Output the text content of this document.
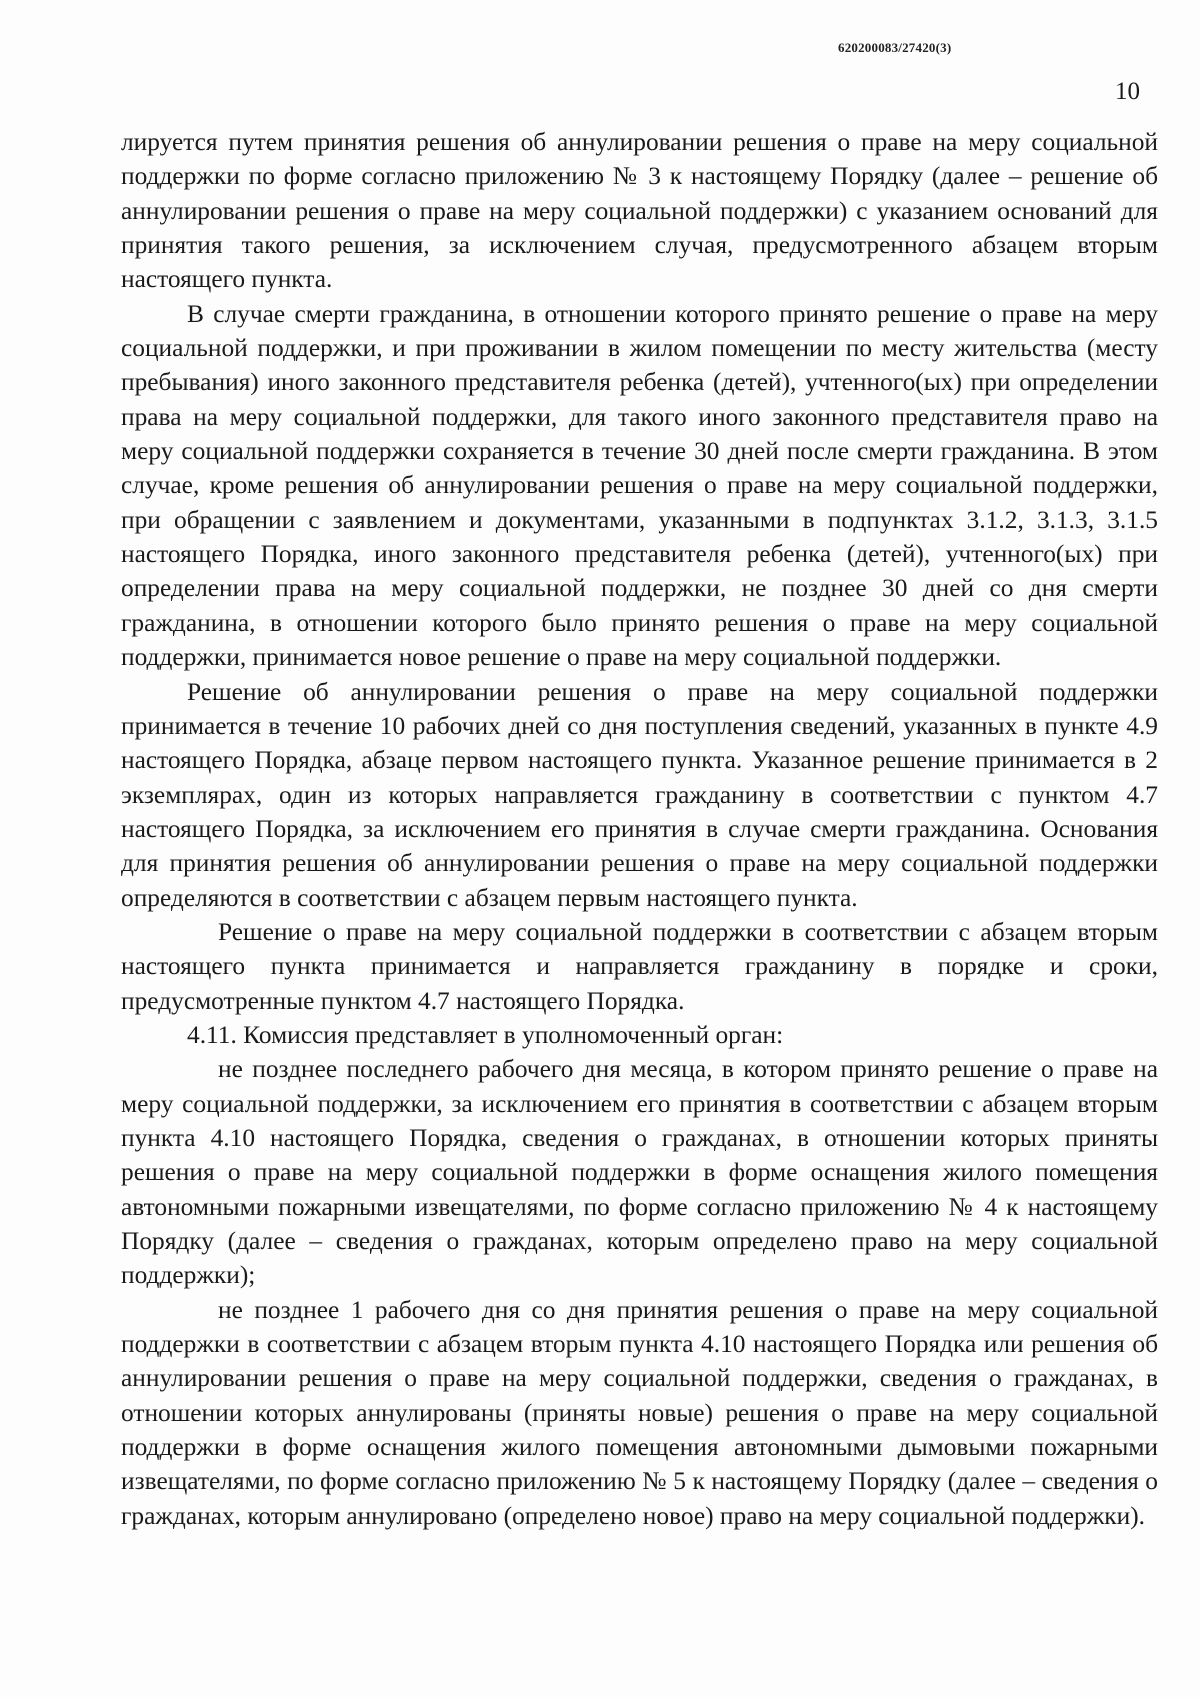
620200083/27420(3)
10

лируется путем принятия решения об аннулировании решения о праве на меру социальной поддержки по форме согласно приложению № 3 к настоящему Порядку (далее – решение об аннулировании решения о праве на меру социальной поддержки) с указанием оснований для принятия такого решения, за исключением случая, предусмотренного абзацем вторым настоящего пункта.

В случае смерти гражданина, в отношении которого принято решение о праве на меру социальной поддержки, и при проживании в жилом помещении по месту жительства (месту пребывания) иного законного представителя ребенка (детей), учтенного(ых) при определении права на меру социальной поддержки, для такого иного законного представителя право на меру социальной поддержки сохраняется в течение 30 дней после смерти гражданина. В этом случае, кроме решения об аннулировании решения о праве на меру социальной поддержки, при обращении с заявлением и документами, указанными в подпунктах 3.1.2, 3.1.3, 3.1.5 настоящего Порядка, иного законного представителя ребенка (детей), учтенного(ых) при определении права на меру социальной поддержки, не позднее 30 дней со дня смерти гражданина, в отношении которого было принято решения о праве на меру социальной поддержки, принимается новое решение о праве на меру социальной поддержки.

Решение об аннулировании решения о праве на меру социальной поддержки принимается в течение 10 рабочих дней со дня поступления сведений, указанных в пункте 4.9 настоящего Порядка, абзаце первом настоящего пункта. Указанное решение принимается в 2 экземплярах, один из которых направляется гражданину в соответствии с пунктом 4.7 настоящего Порядка, за исключением его принятия в случае смерти гражданина. Основания для принятия решения об аннулировании решения о праве на меру социальной поддержки определяются в соответствии с абзацем первым настоящего пункта.

Решение о праве на меру социальной поддержки в соответствии с абзацем вторым настоящего пункта принимается и направляется гражданину в порядке и сроки, предусмотренные пунктом 4.7 настоящего Порядка.

4.11. Комиссия представляет в уполномоченный орган:

не позднее последнего рабочего дня месяца, в котором принято решение о праве на меру социальной поддержки, за исключением его принятия в соответствии с абзацем вторым пункта 4.10 настоящего Порядка, сведения о гражданах, в отношении которых приняты решения о праве на меру социальной поддержки в форме оснащения жилого помещения автономными пожарными извещателями, по форме согласно приложению № 4 к настоящему Порядку (далее – сведения о гражданах, которым определено право на меру социальной поддержки);

не позднее 1 рабочего дня со дня принятия решения о праве на меру социальной поддержки в соответствии с абзацем вторым пункта 4.10 настоящего Порядка или решения об аннулировании решения о праве на меру социальной поддержки, сведения о гражданах, в отношении которых аннулированы (приняты новые) решения о праве на меру социальной поддержки в форме оснащения жилого помещения автономными дымовыми пожарными извещателями, по форме согласно приложению № 5 к настоящему Порядку (далее – сведения о гражданах, которым аннулировано (определено новое) право на меру социальной поддержки).
